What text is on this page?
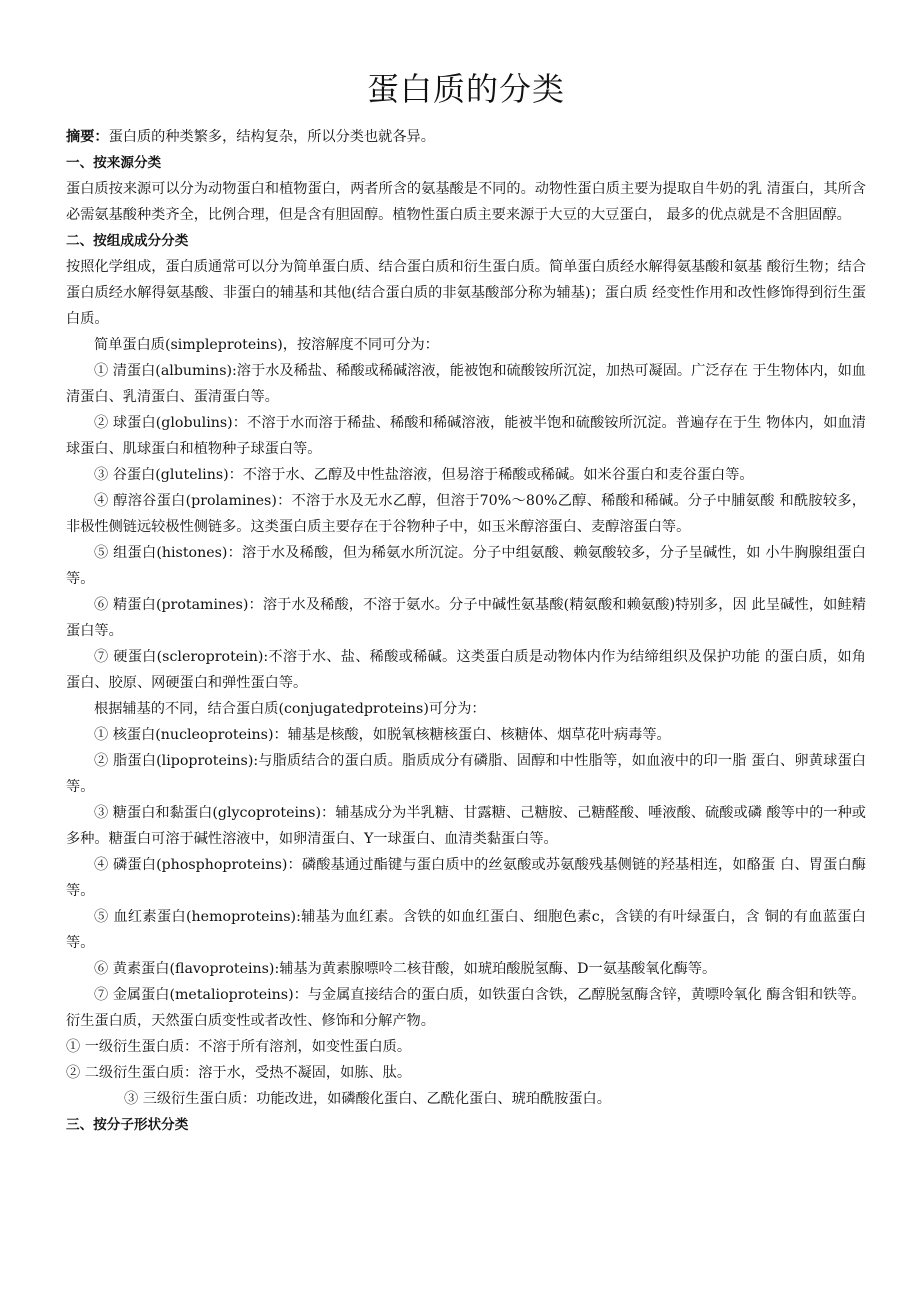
蛋白质的分类

摘要：蛋白质的种类繁多，结构复杂，所以分类也就各异。

一、按来源分类

蛋白质按来源可以分为动物蛋白和植物蛋白，两者所含的氨基酸是不同的。动物性蛋白质主要为提取自牛奶的乳 清蛋白，其所含必需氨基酸种类齐全，比例合理，但是含有胆固醇。植物性蛋白质主要来源于大豆的大豆蛋白， 最多的优点就是不含胆固醇。

二、按组成成分分类

按照化学组成，蛋白质通常可以分为简单蛋白质、结合蛋白质和衍生蛋白质。简单蛋白质经水解得氨基酸和氨基 酸衍生物；结合蛋白质经水解得氨基酸、非蛋白的辅基和其他(结合蛋白质的非氨基酸部分称为辅基)；蛋白质 经变性作用和改性修饰得到衍生蛋白质。

简单蛋白质(simpleproteins)，按溶解度不同可分为：

① 清蛋白(albumins):溶于水及稀盐、稀酸或稀碱溶液，能被饱和硫酸铵所沉淀，加热可凝固。广泛存在 于生物体内，如血清蛋白、乳清蛋白、蛋清蛋白等。

② 球蛋白(globulins)：不溶于水而溶于稀盐、稀酸和稀碱溶液，能被半饱和硫酸铵所沉淀。普遍存在于生 物体内，如血清球蛋白、肌球蛋白和植物种子球蛋白等。

③ 谷蛋白(glutelins)：不溶于水、乙醇及中性盐溶液，但易溶于稀酸或稀碱。如米谷蛋白和麦谷蛋白等。

④ 醇溶谷蛋白(prolamines)：不溶于水及无水乙醇，但溶于70%～80%乙醇、稀酸和稀碱。分子中脯氨酸 和酰胺较多，非极性侧链远较极性侧链多。这类蛋白质主要存在于谷物种子中，如玉米醇溶蛋白、麦醇溶蛋白等。

⑤ 组蛋白(histones)：溶于水及稀酸，但为稀氨水所沉淀。分子中组氨酸、赖氨酸较多，分子呈碱性，如 小牛胸腺组蛋白等。

⑥ 精蛋白(protamines)：溶于水及稀酸，不溶于氨水。分子中碱性氨基酸(精氨酸和赖氨酸)特别多，因 此呈碱性，如鲑精蛋白等。

⑦ 硬蛋白(scleroprotein):不溶于水、盐、稀酸或稀碱。这类蛋白质是动物体内作为结缔组织及保护功能 的蛋白质，如角蛋白、胶原、网硬蛋白和弹性蛋白等。

根据辅基的不同，结合蛋白质(conjugatedproteins)可分为：

① 核蛋白(nucleoproteins)：辅基是核酸，如脱氧核糖核蛋白、核糖体、烟草花叶病毒等。

② 脂蛋白(lipoproteins):与脂质结合的蛋白质。脂质成分有磷脂、固醇和中性脂等，如血液中的印一脂 蛋白、卵黄球蛋白等。

③ 糖蛋白和黏蛋白(glycoproteins)：辅基成分为半乳糖、甘露糖、己糖胺、己糖醛酸、唾液酸、硫酸或磷 酸等中的一种或多种。糖蛋白可溶于碱性溶液中，如卵清蛋白、Y一球蛋白、血清类黏蛋白等。

④ 磷蛋白(phosphoproteins)：磷酸基通过酯键与蛋白质中的丝氨酸或苏氨酸残基侧链的羟基相连，如酪蛋 白、胃蛋白酶等。

⑤ 血红素蛋白(hemoproteins):辅基为血红素。含铁的如血红蛋白、细胞色素c，含镁的有叶绿蛋白，含 铜的有血蓝蛋白等。

⑥ 黄素蛋白(flavoproteins):辅基为黄素腺嘌呤二核苷酸，如琥珀酸脱氢酶、D一氨基酸氧化酶等。

⑦ 金属蛋白(metalioproteins)：与金属直接结合的蛋白质，如铁蛋白含铁，乙醇脱氢酶含锌，黄嘌呤氧化 酶含钼和铁等。

衍生蛋白质，天然蛋白质变性或者改性、修饰和分解产物。

① 一级衍生蛋白质：不溶于所有溶剂，如变性蛋白质。

② 二级衍生蛋白质：溶于水，受热不凝固，如胨、肽。

③ 三级衍生蛋白质：功能改进，如磷酸化蛋白、乙酰化蛋白、琥珀酰胺蛋白。

三、按分子形状分类
